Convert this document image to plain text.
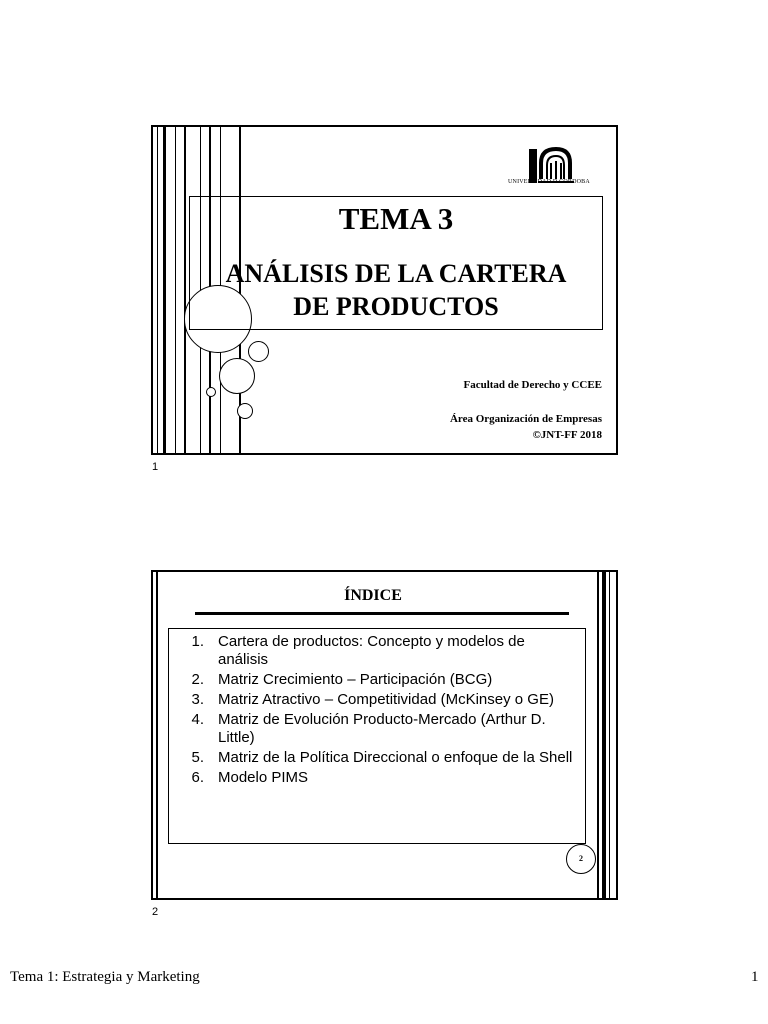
UNIVERSIDAD D CORDOBA
TEMA 3
ANÁLISIS DE LA CARTERA
DE PRODUCTOS
Facultad de Derecho y CCEE
Área Organización de Empresas
©JNT-FF 2018
1
ÍNDICE
1. Cartera de productos: Concepto y modelos de análisis
2. Matriz Crecimiento – Participación (BCG)
3. Matriz Atractivo – Competitividad (McKinsey o GE)
4. Matriz de Evolución Producto-Mercado (Arthur D. Little)
5. Matriz de la Política Direccional o enfoque de la Shell
6. Modelo PIMS
2
2
Tema 1: Estrategia y Marketing	1
